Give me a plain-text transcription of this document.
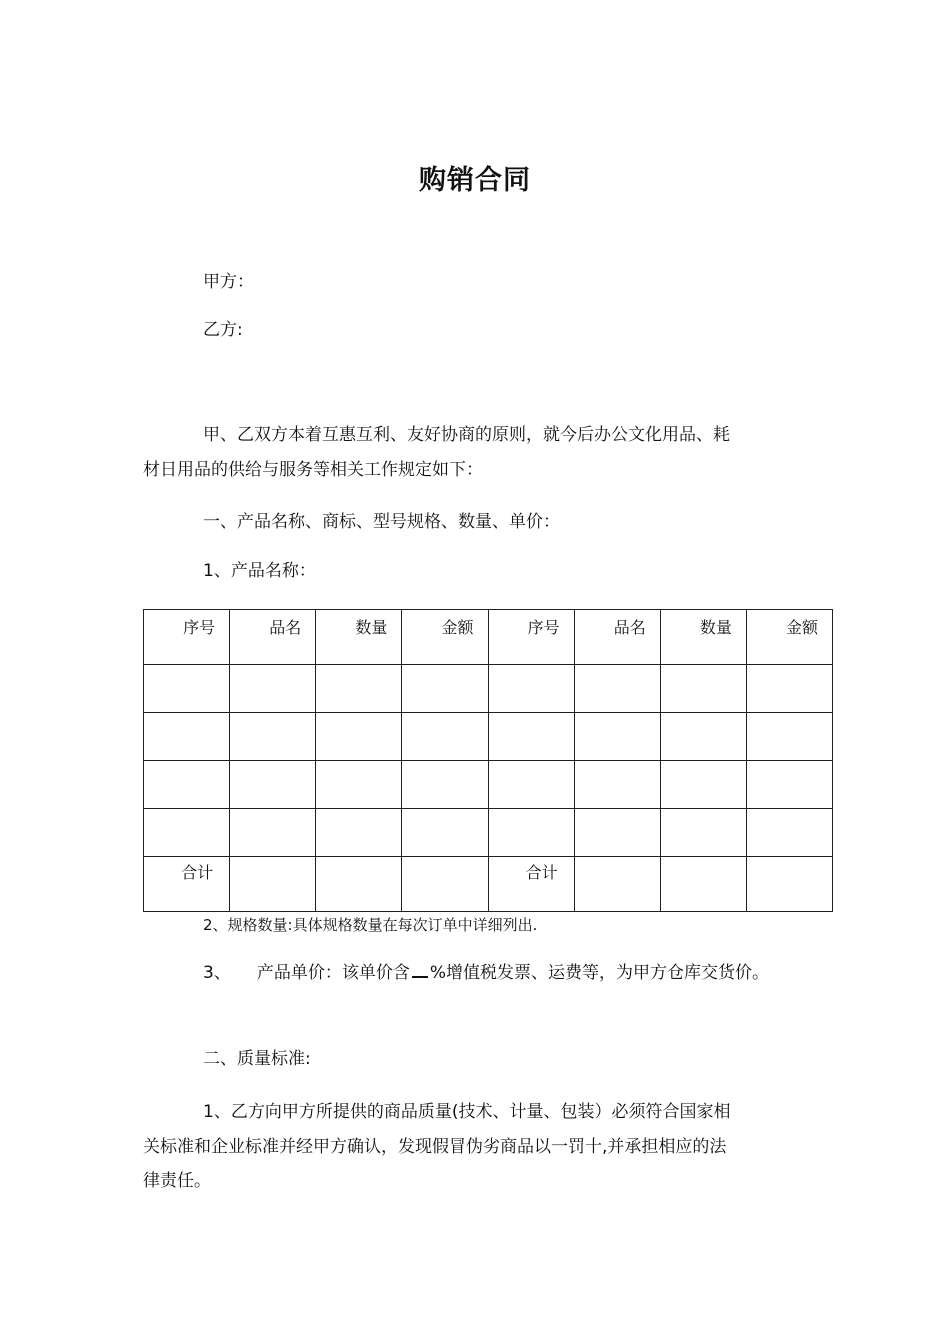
购销合同
甲方：
乙方:
甲、乙双方本着互惠互利、友好协商的原则，就今后办公文化用品、耗
材日用品的供给与服务等相关工作规定如下：
一、产品名称、商标、型号规格、数量、单价：
1、产品名称：
序号	品名	数量	金额	序号	品名	数量	金额

合计				合计			
2、规格数量:具体规格数量在每次订单中详细列出.
3、 产品单价：该单价含 %增值税发票、运费等，为甲方仓库交货价。
二、质量标准:
1、乙方向甲方所提供的商品质量(技术、计量、包装）必须符合国家相
关标准和企业标准并经甲方确认，发现假冒伪劣商品以一罚十,并承担相应的法
律责任。
